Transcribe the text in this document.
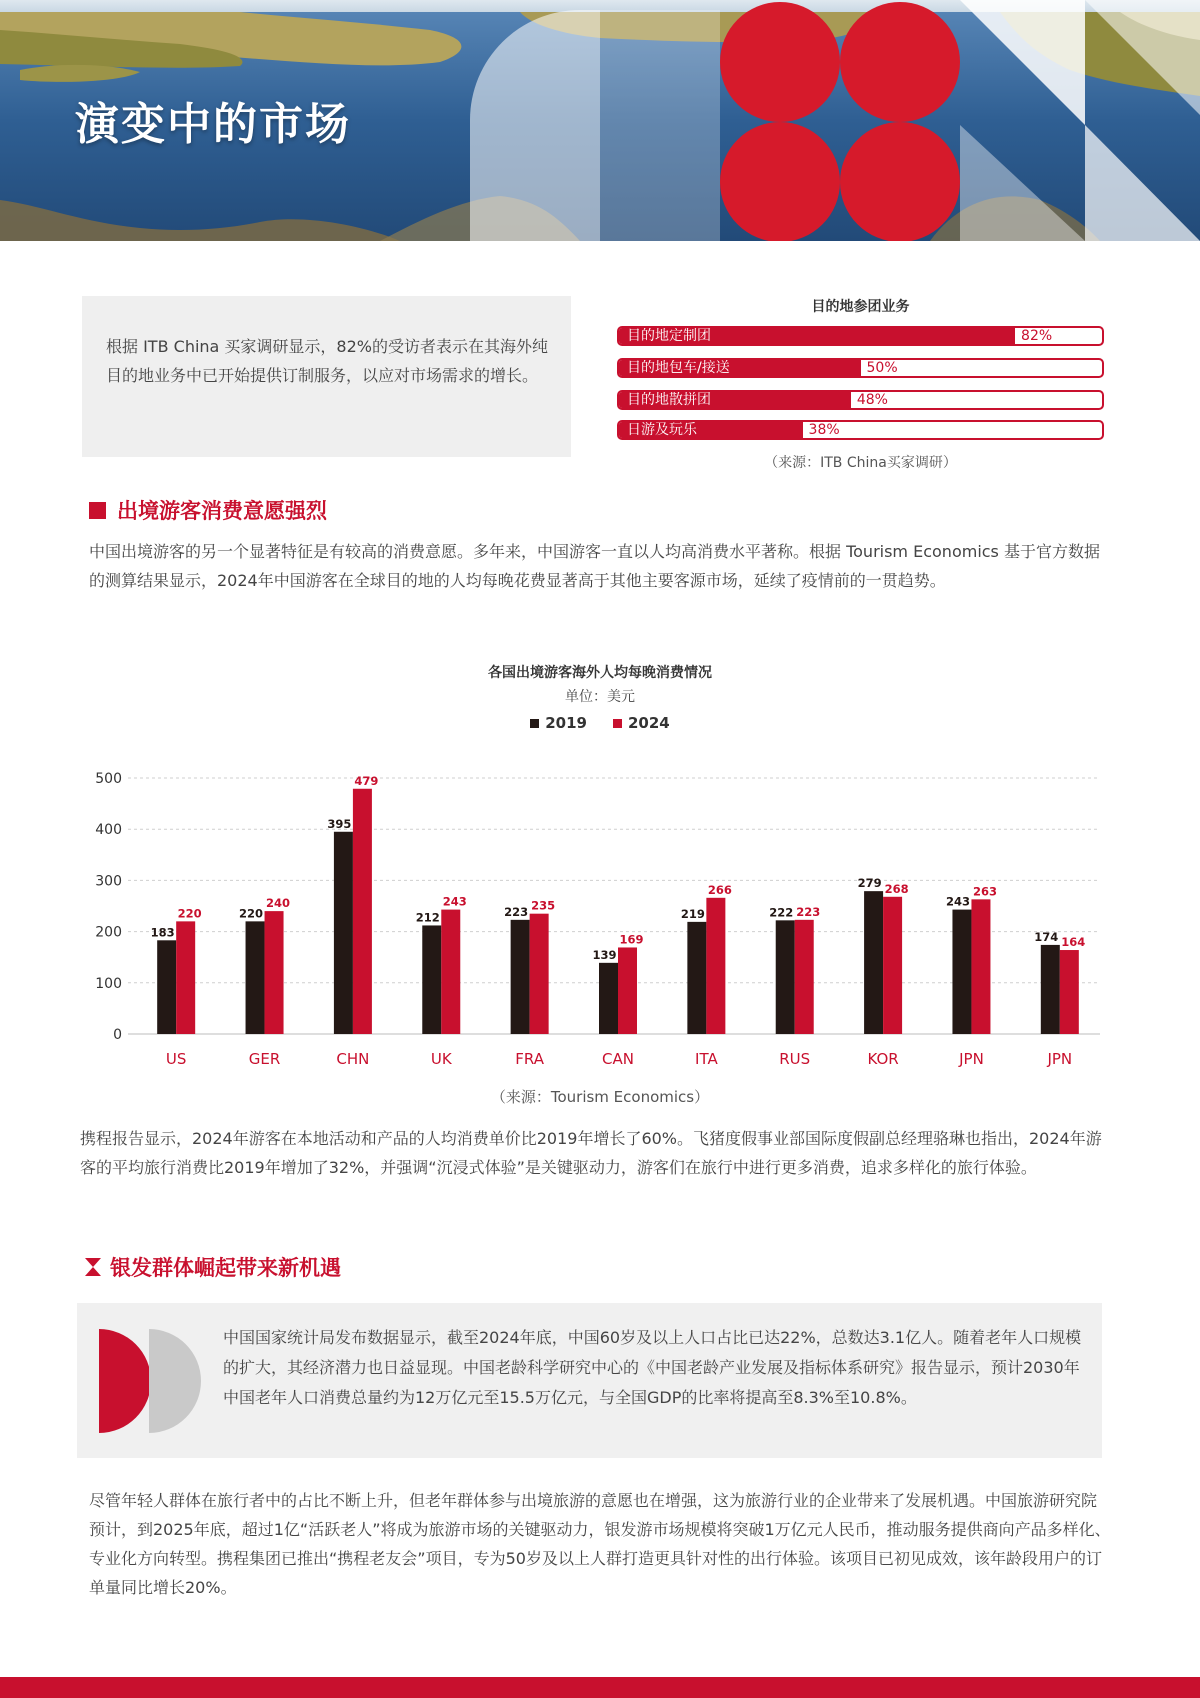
演变中的市场

根据 ITB China 买家调研显示，82%的受访者表示在其海外纯目的地业务中已开始提供订制服务，以应对市场需求的增长。

目的地参团业务
目的地定制团	82%
目的地包车/接送	50%
目的地散拼团	48%
日游及玩乐	38%
（来源：ITB China买家调研）
出境游客消费意愿强烈

中国出境游客的另一个显著特征是有较高的消费意愿。多年来，中国游客一直以人均高消费水平著称。根据 Tourism Economics 基于官方数据的测算结果显示，2024年中国游客在全球目的地的人均每晚花费显著高于其他主要客源市场，延续了疫情前的一贯趋势。

各国出境游客海外人均每晚消费情况
单位：美元
2019	2024
0
100
200
300
400
500
183
220
US
220
240
GER
395
479
CHN
212
243
UK
223 235
FRA
139
169
CAN
219
266
ITA
222 223
RUS
279 268
KOR
243
263
JPN
174 164
JPN
（来源：Tourism Economics）

携程报告显示，2024年游客在本地活动和产品的人均消费单价比2019年增长了60%。飞猪度假事业部国际度假副总经理骆琳也指出，2024年游客的平均旅行消费比2019年增加了32%，并强调“沉浸式体验”是关键驱动力，游客们在旅行中进行更多消费，追求多样化的旅行体验。

银发群体崛起带来新机遇

中国国家统计局发布数据显示，截至2024年底，中国60岁及以上人口占比已达22%，总数达3.1亿人。随着老年人口规模的扩大，其经济潜力也日益显现。中国老龄科学研究中心的《中国老龄产业发展及指标体系研究》报告显示，预计2030年中国老年人口消费总量约为12万亿元至15.5万亿元，与全国GDP的比率将提高至8.3%至10.8%。

尽管年轻人群体在旅行者中的占比不断上升，但老年群体参与出境旅游的意愿也在增强，这为旅游行业的企业带来了发展机遇。中国旅游研究院预计，到2025年底，超过1亿“活跃老人”将成为旅游市场的关键驱动力，银发游市场规模将突破1万亿元人民币，推动服务提供商向产品多样化、专业化方向转型。携程集团已推出“携程老友会”项目，专为50岁及以上人群打造更具针对性的出行体验。该项目已初见成效，该年龄段用户的订单量同比增长20%。
